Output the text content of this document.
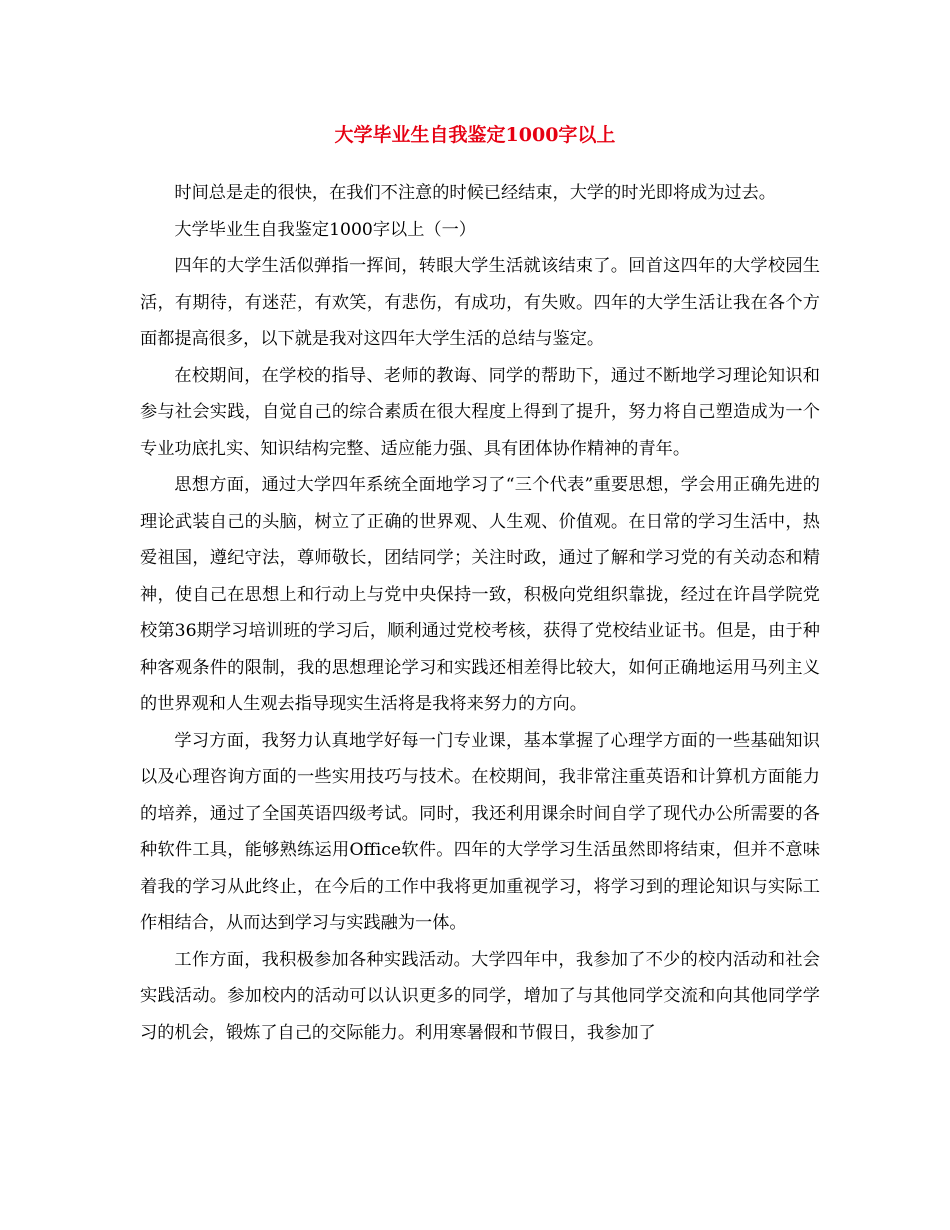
大学毕业生自我鉴定1000字以上

时间总是走的很快，在我们不注意的时候已经结束，大学的时光即将成为过去。

大学毕业生自我鉴定1000字以上（一）

四年的大学生活似弹指一挥间，转眼大学生活就该结束了。回首这四年的大学校园生活，有期待，有迷茫，有欢笑，有悲伤，有成功，有失败。四年的大学生活让我在各个方面都提高很多，以下就是我对这四年大学生活的总结与鉴定。

在校期间，在学校的指导、老师的教诲、同学的帮助下，通过不断地学习理论知识和参与社会实践，自觉自己的综合素质在很大程度上得到了提升，努力将自己塑造成为一个专业功底扎实、知识结构完整、适应能力强、具有团体协作精神的青年。

思想方面，通过大学四年系统全面地学习了“三个代表”重要思想，学会用正确先进的理论武装自己的头脑，树立了正确的世界观、人生观、价值观。在日常的学习生活中，热爱祖国，遵纪守法，尊师敬长，团结同学；关注时政，通过了解和学习党的有关动态和精神，使自己在思想上和行动上与党中央保持一致，积极向党组织靠拢，经过在许昌学院党校第36期学习培训班的学习后，顺利通过党校考核，获得了党校结业证书。但是，由于种种客观条件的限制，我的思想理论学习和实践还相差得比较大，如何正确地运用马列主义的世界观和人生观去指导现实生活将是我将来努力的方向。

学习方面，我努力认真地学好每一门专业课，基本掌握了心理学方面的一些基础知识以及心理咨询方面的一些实用技巧与技术。在校期间，我非常注重英语和计算机方面能力的培养，通过了全国英语四级考试。同时，我还利用课余时间自学了现代办公所需要的各种软件工具，能够熟练运用Office软件。四年的大学学习生活虽然即将结束，但并不意味着我的学习从此终止，在今后的工作中我将更加重视学习，将学习到的理论知识与实际工作相结合，从而达到学习与实践融为一体。

工作方面，我积极参加各种实践活动。大学四年中，我参加了不少的校内活动和社会实践活动。参加校内的活动可以认识更多的同学，增加了与其他同学交流和向其他同学学习的机会，锻炼了自己的交际能力。利用寒暑假和节假日，我参加了
